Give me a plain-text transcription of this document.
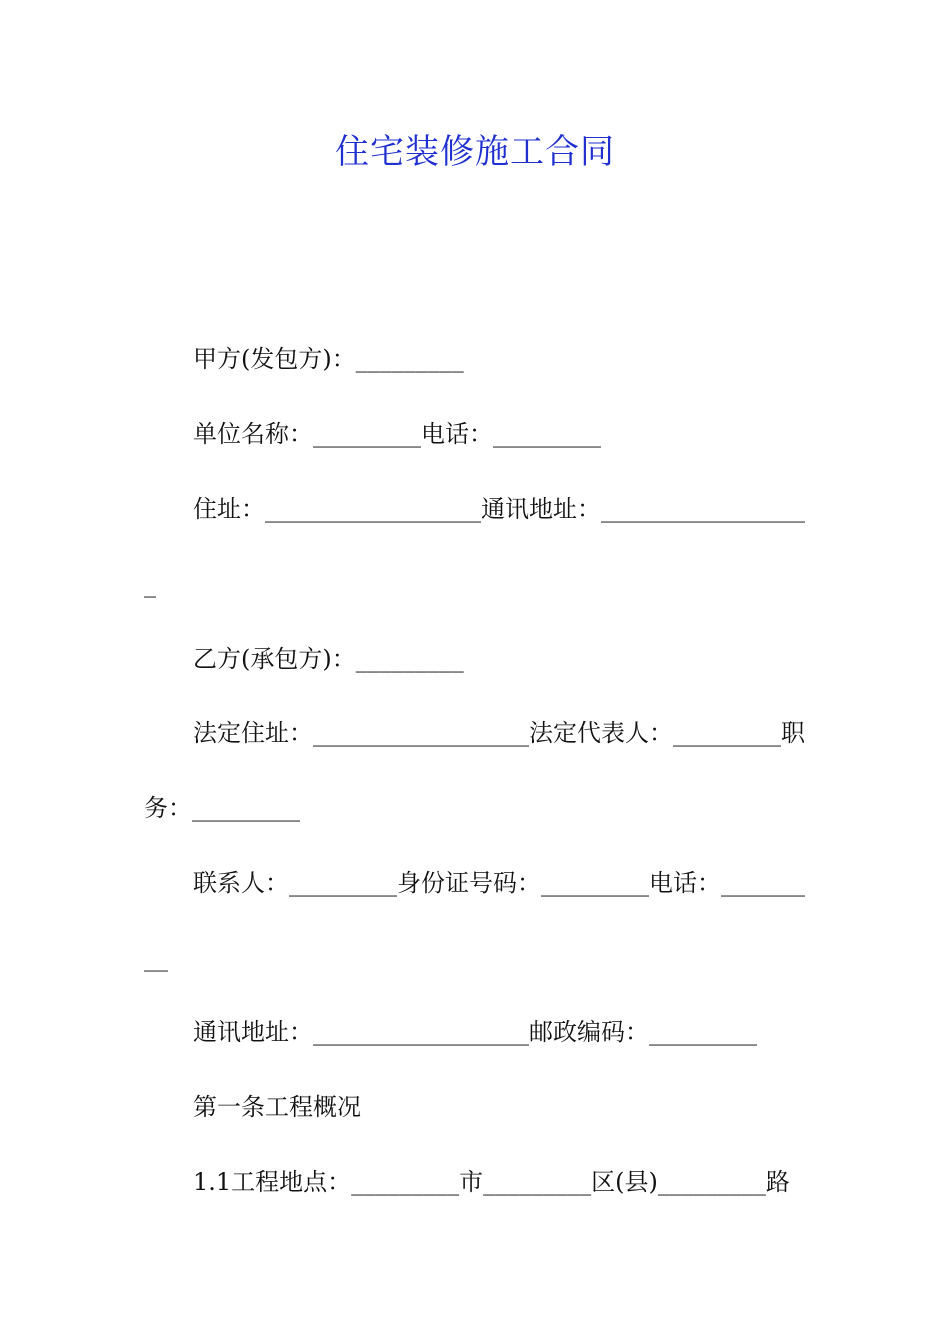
住宅装修施工合同
甲方(发包方)：_________
单位名称：_________电话：_________
住址：__________________通讯地址：_________________
_
乙方(承包方)：_________
法定住址：__________________法定代表人：_________职
务：_________
联系人：_________身份证号码：_________电话：_______
__
通讯地址：__________________邮政编码：_________
第一条工程概况
1.1工程地点：_________市_________区(县)_________路
